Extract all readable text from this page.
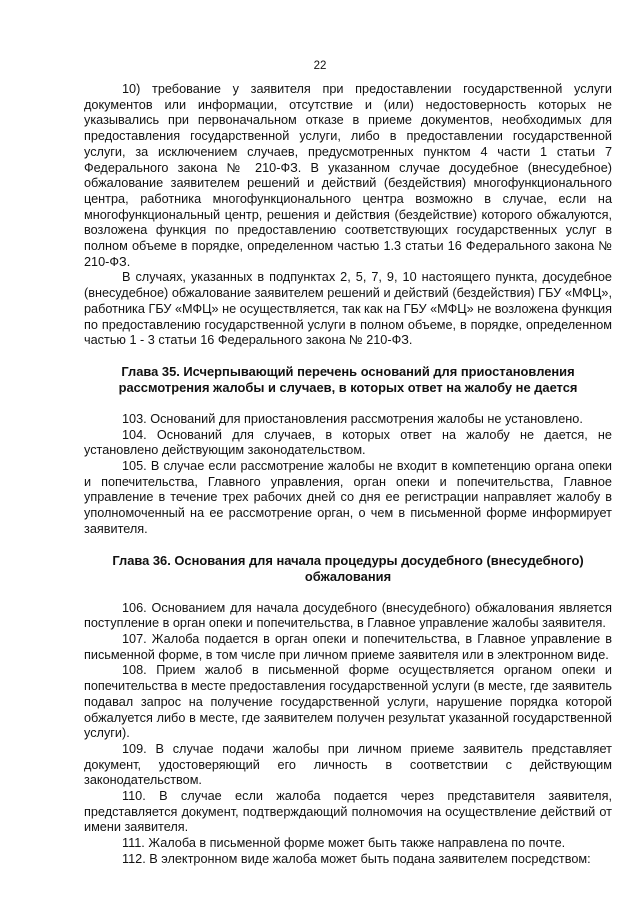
22

10) требование у заявителя при предоставлении государственной услуги документов или информации, отсутствие и (или) недостоверность которых не указывались при первоначальном отказе в приеме документов, необходимых для предоставления государственной услуги, либо в предоставлении государственной услуги, за исключением случаев, предусмотренных пунктом 4 части 1 статьи 7 Федерального закона № 210-ФЗ. В указанном случае досудебное (внесудебное) обжалование заявителем решений и действий (бездействия) многофункционального центра, работника многофункционального центра возможно в случае, если на многофункциональный центр, решения и действия (бездействие) которого обжалуются, возложена функция по предоставлению соответствующих государственных услуг в полном объеме в порядке, определенном частью 1.3 статьи 16 Федерального закона № 210-ФЗ.

В случаях, указанных в подпунктах 2, 5, 7, 9, 10 настоящего пункта, досудебное (внесудебное) обжалование заявителем решений и действий (бездействия) ГБУ «МФЦ», работника ГБУ «МФЦ» не осуществляется, так как на ГБУ «МФЦ» не возложена функция по предоставлению государственной услуги в полном объеме, в порядке, определенном частью 1 - 3 статьи 16 Федерального закона № 210-ФЗ.

Глава 35. Исчерпывающий перечень оснований для приостановления рассмотрения жалобы и случаев, в которых ответ на жалобу не дается

103. Оснований для приостановления рассмотрения жалобы не установлено.

104. Оснований для случаев, в которых ответ на жалобу не дается, не установлено действующим законодательством.

105. В случае если рассмотрение жалобы не входит в компетенцию органа опеки и попечительства, Главного управления, орган опеки и попечительства, Главное управление в течение трех рабочих дней со дня ее регистрации направляет жалобу в уполномоченный на ее рассмотрение орган, о чем в письменной форме информирует заявителя.

Глава 36. Основания для начала процедуры досудебного (внесудебного) обжалования

106. Основанием для начала досудебного (внесудебного) обжалования является поступление в орган опеки и попечительства, в Главное управление жалобы заявителя.

107. Жалоба подается в орган опеки и попечительства, в Главное управление в письменной форме, в том числе при личном приеме заявителя или в электронном виде.

108. Прием жалоб в письменной форме осуществляется органом опеки и попечительства в месте предоставления государственной услуги (в месте, где заявитель подавал запрос на получение государственной услуги, нарушение порядка которой обжалуется либо в месте, где заявителем получен результат указанной государственной услуги).

109. В случае подачи жалобы при личном приеме заявитель представляет документ, удостоверяющий его личность в соответствии с действующим законодательством.

110. В случае если жалоба подается через представителя заявителя, представляется документ, подтверждающий полномочия на осуществление действий от имени заявителя.

111. Жалоба в письменной форме может быть также направлена по почте.

112. В электронном виде жалоба может быть подана заявителем посредством:
